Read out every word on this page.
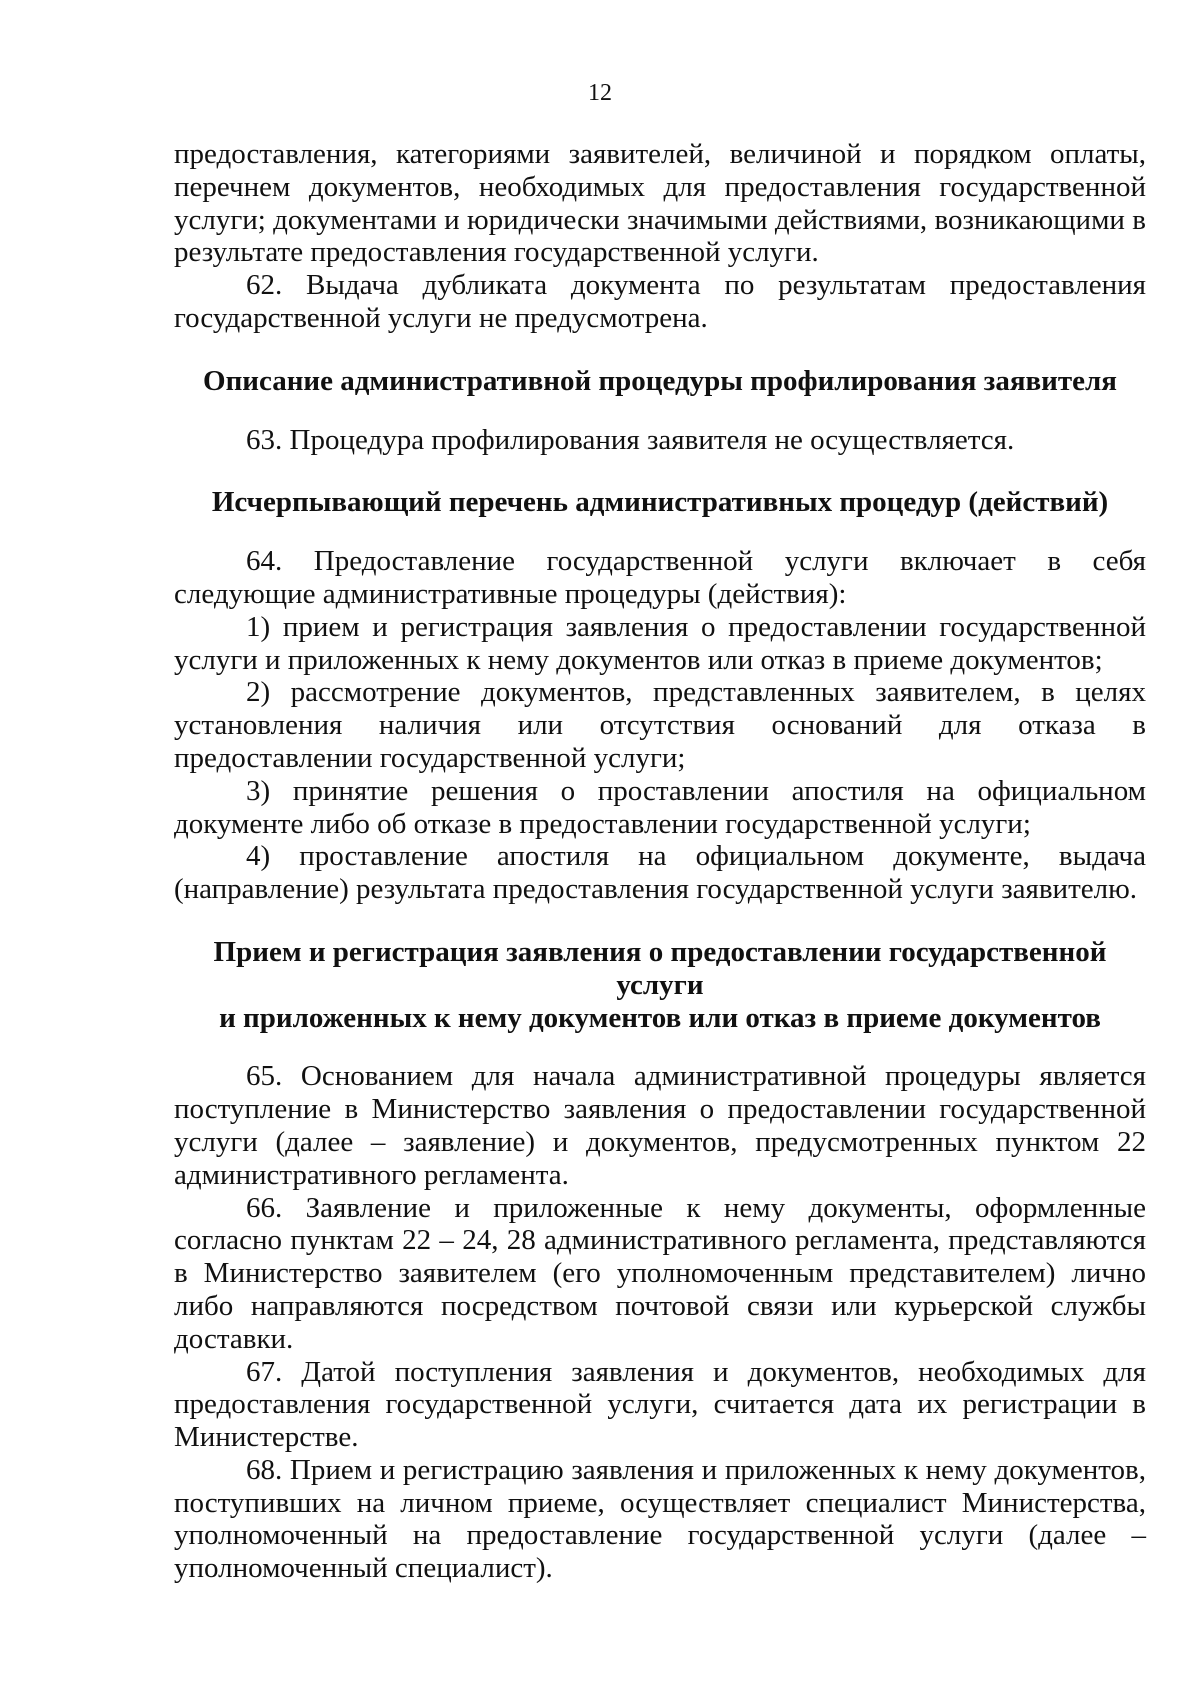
12

предоставления, категориями заявителей, величиной и порядком оплаты, перечнем документов, необходимых для предоставления государственной услуги; документами и юридически значимыми действиями, возникающими в результате предоставления государственной услуги.

62. Выдача дубликата документа по результатам предоставления государственной услуги не предусмотрена.

Описание административной процедуры профилирования заявителя

63. Процедура профилирования заявителя не осуществляется.

Исчерпывающий перечень административных процедур (действий)

64. Предоставление государственной услуги включает в себя следующие административные процедуры (действия):

1) прием и регистрация заявления о предоставлении государственной услуги и приложенных к нему документов или отказ в приеме документов;

2) рассмотрение документов, представленных заявителем, в целях установления наличия или отсутствия оснований для отказа в предоставлении государственной услуги;

3) принятие решения о проставлении апостиля на официальном документе либо об отказе в предоставлении государственной услуги;

4) проставление апостиля на официальном документе, выдача (направление) результата предоставления государственной услуги заявителю.

Прием и регистрация заявления о предоставлении государственной услуги
и приложенных к нему документов или отказ в приеме документов

65. Основанием для начала административной процедуры является поступление в Министерство заявления о предоставлении государственной услуги (далее – заявление) и документов, предусмотренных пунктом 22 административного регламента.

66. Заявление и приложенные к нему документы, оформленные согласно пунктам 22 – 24, 28 административного регламента, представляются в Министерство заявителем (его уполномоченным представителем) лично либо направляются посредством почтовой связи или курьерской службы доставки.

67. Датой поступления заявления и документов, необходимых для предоставления государственной услуги, считается дата их регистрации в Министерстве.

68. Прием и регистрацию заявления и приложенных к нему документов, поступивших на личном приеме, осуществляет специалист Министерства, уполномоченный на предоставление государственной услуги (далее – уполномоченный специалист).
